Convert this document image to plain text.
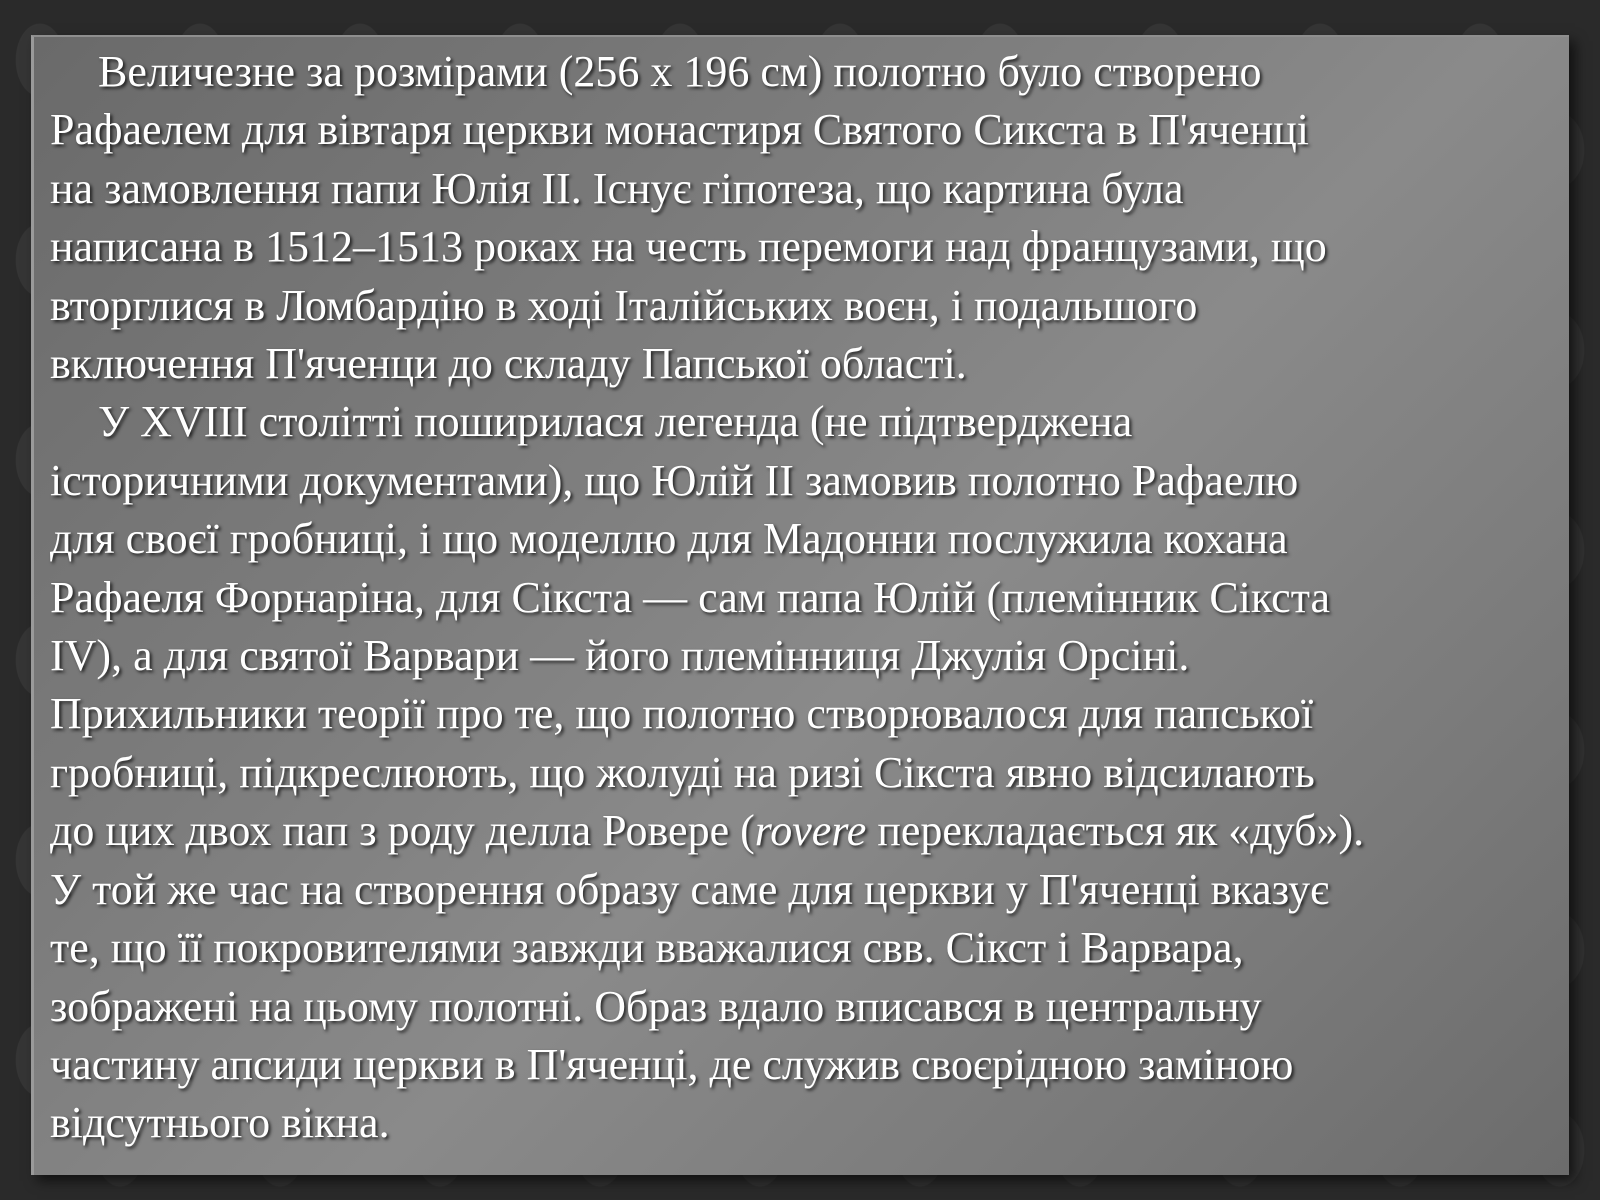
Величезне за розмірами (256 х 196 см) полотно було створено
Рафаелем для вівтаря церкви монастиря Святого Сикста в П'яченці
на замовлення папи Юлія II. Існує гіпотеза, що картина була
написана в 1512–1513 роках на честь перемоги над французами, що
вторглися в Ломбардію в ході Італійських воєн, і подальшого
включення П'яченци до складу Папської області.
У XVIII столітті поширилася легенда (не підтверджена
історичними документами), що Юлій II замовив полотно Рафаелю
для своєї гробниці, і що моделлю для Мадонни послужила кохана
Рафаеля Форнаріна, для Сікста — сам папа Юлій (племінник Сікста
IV), а для святої Варвари — його племінниця Джулія Орсіні.
Прихильники теорії про те, що полотно створювалося для папської
гробниці, підкреслюють, що жолуді на ризі Сікста явно відсилають
до цих двох пап з роду делла Ровере (rovere перекладається як «дуб»).
У той же час на створення образу саме для церкви у П'яченці вказує
те, що її покровителями завжди вважалися свв. Сікст і Варвара,
зображені на цьому полотні. Образ вдало вписався в центральну
частину апсиди церкви в П'яченці, де служив своєрідною заміною
відсутнього вікна.
